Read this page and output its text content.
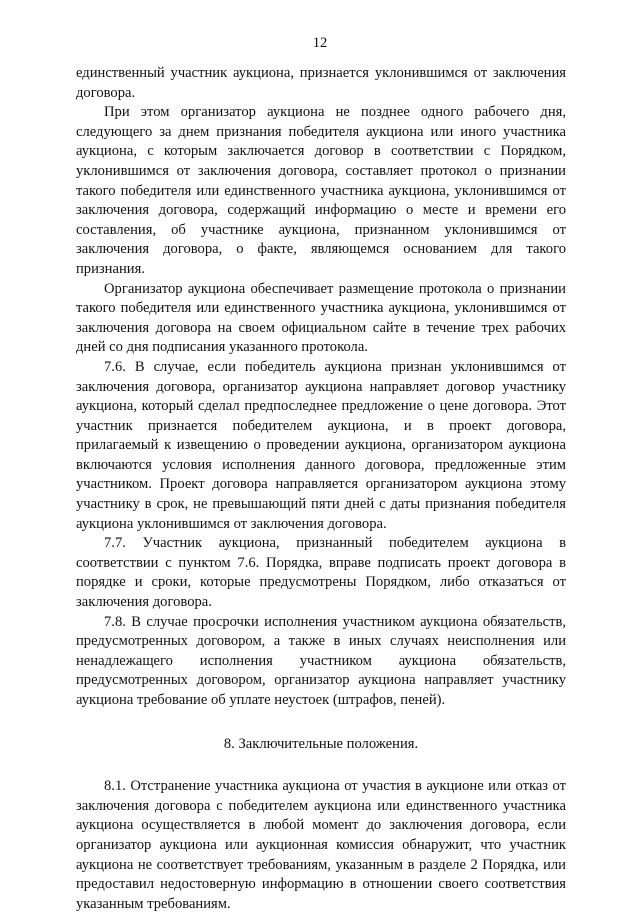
12

единственный участник аукциона, признается уклонившимся от заключения договора.

При этом организатор аукциона не позднее одного рабочего дня, следующего за днем признания победителя аукциона или иного участника аукциона, с которым заключается договор в соответствии с Порядком, уклонившимся от заключения договора, составляет протокол о признании такого победителя или единственного участника аукциона, уклонившимся от заключения договора, содержащий информацию о месте и времени его составления, об участнике аукциона, признанном уклонившимся от заключения договора, о факте, являющемся основанием для такого признания.

Организатор аукциона обеспечивает размещение протокола о признании такого победителя или единственного участника аукциона, уклонившимся от заключения договора на своем официальном сайте в течение трех рабочих дней со дня подписания указанного протокола.

7.6. В случае, если победитель аукциона признан уклонившимся от заключения договора, организатор аукциона направляет договор участнику аукциона, который сделал предпоследнее предложение о цене договора. Этот участник признается победителем аукциона, и в проект договора, прилагаемый к извещению о проведении аукциона, организатором аукциона включаются условия исполнения данного договора, предложенные этим участником. Проект договора направляется организатором аукциона этому участнику в срок, не превышающий пяти дней с даты признания победителя аукциона уклонившимся от заключения договора.

7.7. Участник аукциона, признанный победителем аукциона в соответствии с пунктом 7.6. Порядка, вправе подписать проект договора в порядке и сроки, которые предусмотрены Порядком, либо отказаться от заключения договора.

7.8. В случае просрочки исполнения участником аукциона обязательств, предусмотренных договором, а также в иных случаях неисполнения или ненадлежащего исполнения участником аукциона обязательств, предусмотренных договором, организатор аукциона направляет участнику аукциона требование об уплате неустоек (штрафов, пеней).

8. Заключительные положения.

8.1. Отстранение участника аукциона от участия в аукционе или отказ от заключения договора с победителем аукциона или единственного участника аукциона осуществляется в любой момент до заключения договора, если организатор аукциона или аукционная комиссия обнаружит, что участник аукциона не соответствует требованиям, указанным в разделе 2 Порядка, или предоставил недостоверную информацию в отношении своего соответствия указанным требованиям.
